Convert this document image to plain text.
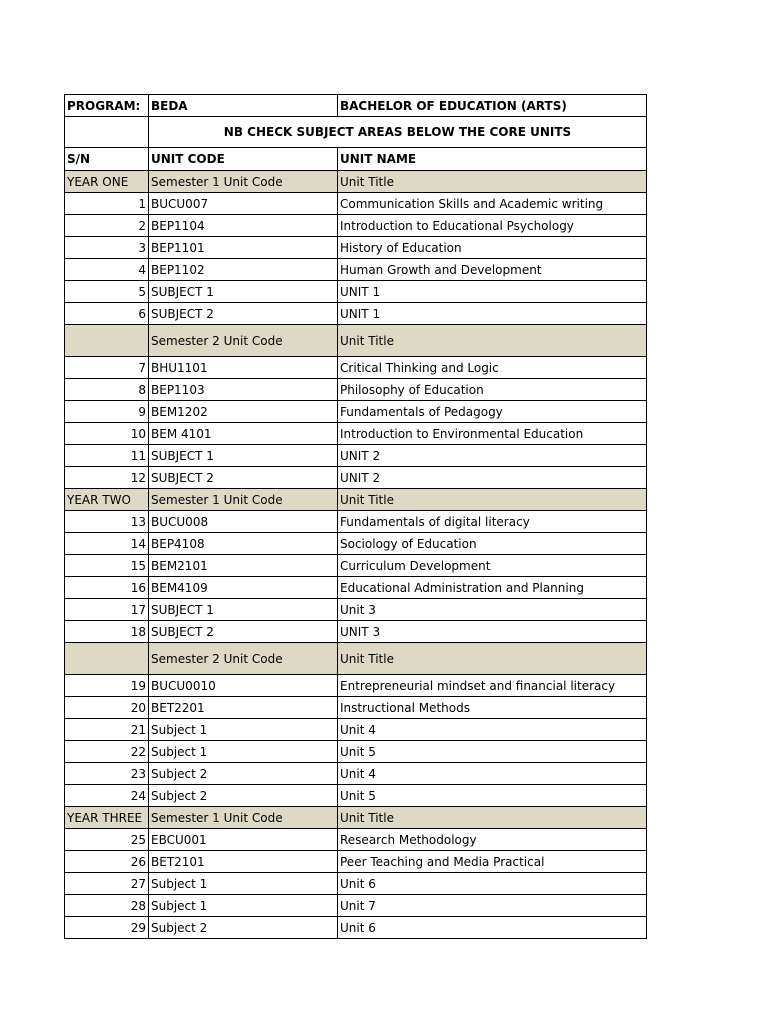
PROGRAM: BEDA	BACHELOR OF EDUCATION (ARTS)
NB CHECK SUBJECT AREAS BELOW THE CORE UNITS
S/N	UNIT CODE	UNIT NAME
YEAR ONE	Semester 1 Unit Code	Unit Title
1 BUCU007	Communication Skills and Academic writing
2 BEP1104	Introduction to Educational Psychology
3 BEP1101	History of Education
4 BEP1102	Human Growth and Development
5 SUBJECT 1	UNIT 1
6 SUBJECT 2	UNIT 1
Semester 2 Unit Code	Unit Title
7 BHU1101	Critical Thinking and Logic
8 BEP1103	Philosophy of Education
9 BEM1202	Fundamentals of Pedagogy
10 BEM 4101	Introduction to Environmental Education
11 SUBJECT 1	UNIT 2
12 SUBJECT 2	UNIT 2
YEAR TWO	Semester 1 Unit Code	Unit Title
13 BUCU008	Fundamentals of digital literacy
14 BEP4108	Sociology of Education
15 BEM2101	Curriculum Development
16 BEM4109	Educational Administration and Planning
17 SUBJECT 1	Unit 3
18 SUBJECT 2	UNIT 3
Semester 2 Unit Code	Unit Title
19 BUCU0010	Entrepreneurial mindset and financial literacy
20 BET2201	Instructional Methods
21 Subject 1	Unit 4
22 Subject 1	Unit 5
23 Subject 2	Unit 4
24 Subject 2	Unit 5
YEAR THREE Semester 1 Unit Code	Unit Title
25 EBCU001	Research Methodology
26 BET2101	Peer Teaching and Media Practical
27 Subject 1	Unit 6
28 Subject 1	Unit 7
29 Subject 2	Unit 6
